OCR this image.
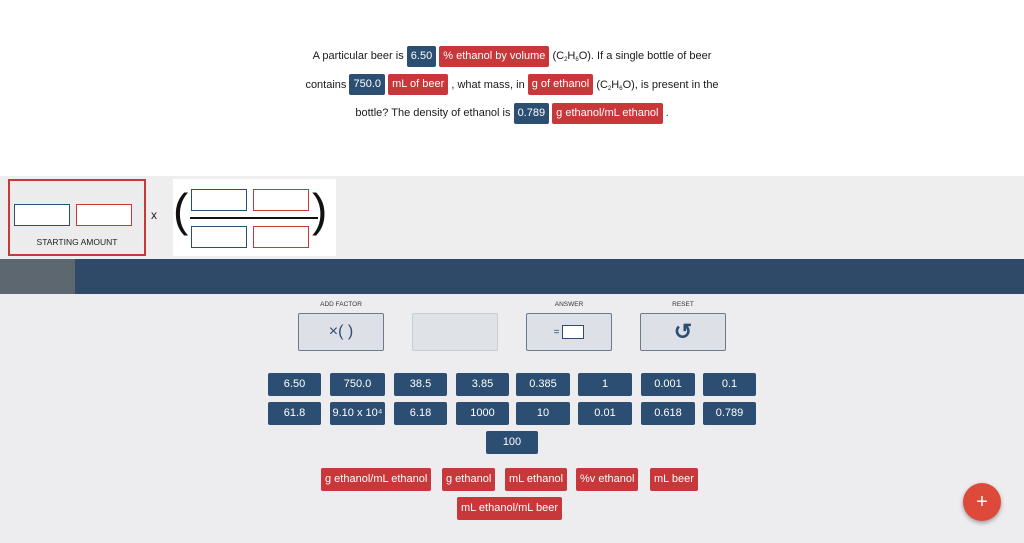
A particular beer is 6.50 % ethanol by volume $(C_2H_6O)$. If a single bottle of beer
contains 750.0 mL of beer , what mass, in g of ethanol $(C_2H_6O)$, is present in the
bottle? The density of ethanol is 0.789 g ethanol/mL ethanol .
STARTING AMOUNT
x (	)
ADD FACTOR
×( )
ANSWER
=
RESET
↺
6.50	750.0	38.5	3.85	0.385	1	0.001	0.1
61.8	9.10 x 10⁴	6.18	1000	10	0.01	0.618	0.789
100
g ethanol/mL ethanol	g ethanol	mL ethanol	%v ethanol	mL beer
mL ethanol/mL beer	+
